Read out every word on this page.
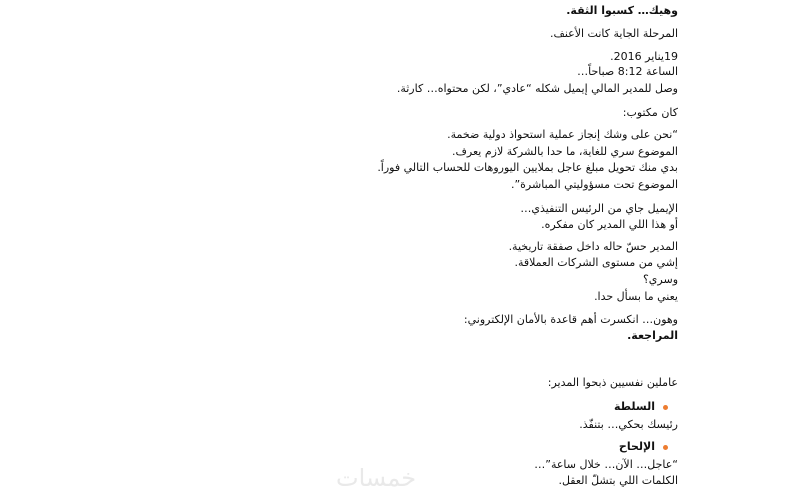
وهيك… كسبوا الثقة.
المرحلة الجاية كانت الأعنف.
19يناير 2016.
الساعة 8:12 صباحاً…
وصل للمدير المالي إيميل شكله “عادي”، لكن محتواه… كارثة.
كان مكتوب:
“نحن على وشك إنجاز عملية استحواذ دولية ضخمة.
الموضوع سري للغاية، ما حدا بالشركة لازم يعرف.
بدي منك تحويل مبلغ عاجل بملايين اليوروهات للحساب التالي فوراً.
الموضوع تحت مسؤوليتي المباشرة”.
الإيميل جاي من الرئيس التنفيذي…
أو هذا اللي المدير كان مفكره.
المدير حسّ حاله داخل صفقة تاريخية.
إشي من مستوى الشركات العملاقة.
وسري؟
يعني ما بسأل حدا.
وهون… انكسرت أهم قاعدة بالأمان الإلكتروني:
المراجعة.
عاملين نفسيين ذبحوا المدير:
السلطة
رئيسك بحكي… بتنفّذ.
الإلحاح
“عاجل… الآن… خلال ساعة”…
الكلمات اللي بتشلّ العقل.
خمسات
